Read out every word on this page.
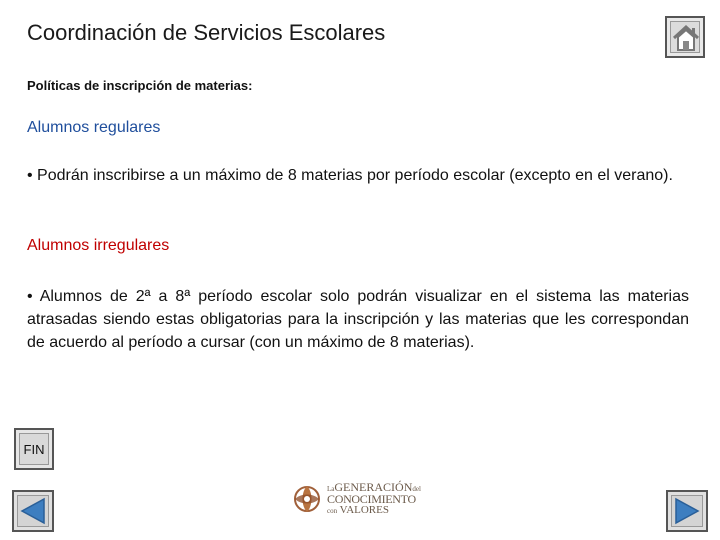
Coordinación de Servicios Escolares
Políticas de inscripción de materias:
Alumnos regulares
• Podrán inscribirse a un máximo de 8 materias por período escolar (excepto en el verano).
Alumnos irregulares
• Alumnos de 2ª a 8ª período escolar solo podrán visualizar en el sistema las materias atrasadas siendo estas obligatorias para la inscripción y las materias que les correspondan de acuerdo al período a cursar (con un máximo de 8 materias).
FIN
LaGENERACIÓNdel
CONOCIMIENTO
con VALORES
